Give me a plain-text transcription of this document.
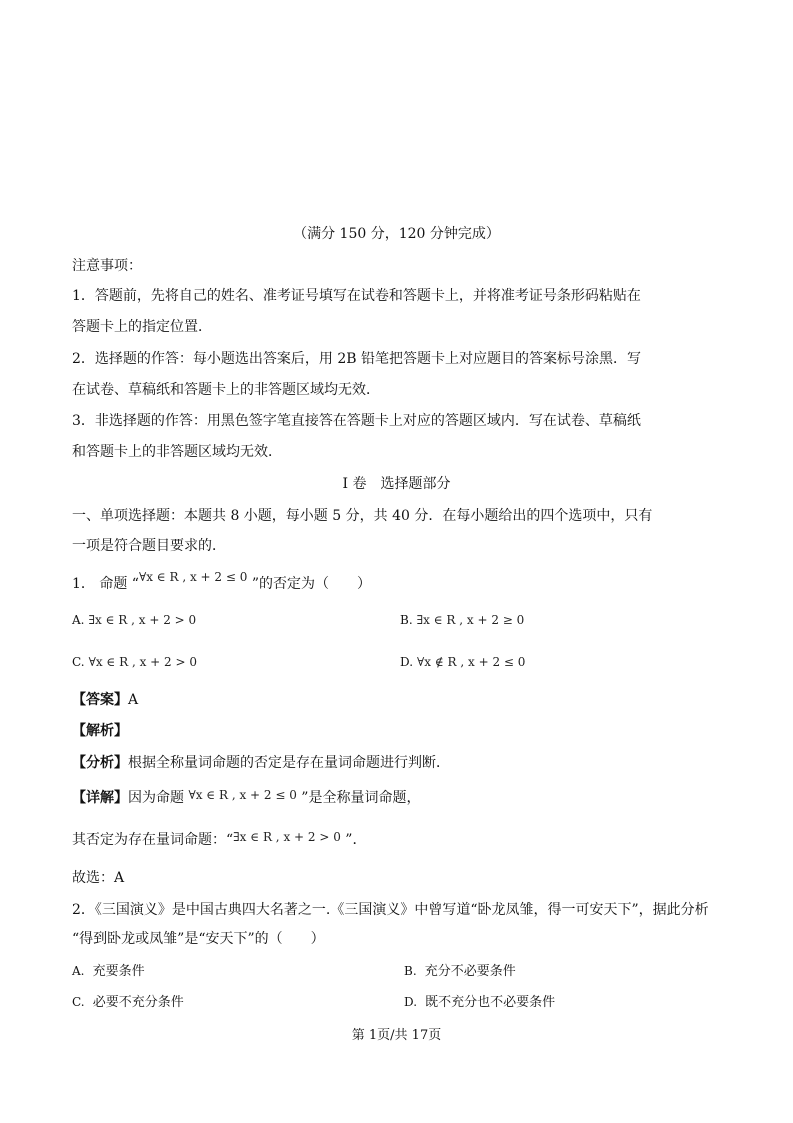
（满分 150 分，120 分钟完成）
注意事项：
1．答题前，先将自己的姓名、准考证号填写在试卷和答题卡上，并将准考证号条形码粘贴在
答题卡上的指定位置．
2．选择题的作答：每小题选出答案后，用 2B 铅笔把答题卡上对应题目的答案标号涂黑．写
在试卷、草稿纸和答题卡上的非答题区域均无效．
3．非选择题的作答：用黑色签字笔直接答在答题卡上对应的答题区域内．写在试卷、草稿纸
和答题卡上的非答题区域均无效．
I 卷　选择题部分
一、单项选择题：本题共 8 小题，每小题 5 分，共 40 分．在每小题给出的四个选项中，只有
一项是符合题目要求的．
1． 命题 “∀x ∈ R , x + 2 ≤ 0 ”的否定为（　　）
A. ∃x ∈ R , x + 2 > 0	B. ∃x ∈ R , x + 2 ≥ 0
C. ∀x ∈ R , x + 2 > 0	D. ∀x ∉ R , x + 2 ≤ 0
【答案】A
【解析】
【分析】根据全称量词命题的否定是存在量词命题进行判断．
【详解】因为命题 ∀x ∈ R , x + 2 ≤ 0 ”是全称量词命题，
其否定为存在量词命题：“∃x ∈ R , x + 2 > 0 ”．
故选：A
2．《三国演义》是中国古典四大名著之一.《三国演义》中曾写道“卧龙凤雏，得一可安天下”，据此分析
“得到卧龙或凤雏”是“安天下”的（　　）
A. 充要条件	B. 充分不必要条件
C. 必要不充分条件	D. 既不充分也不必要条件
第 1页/共 17页
